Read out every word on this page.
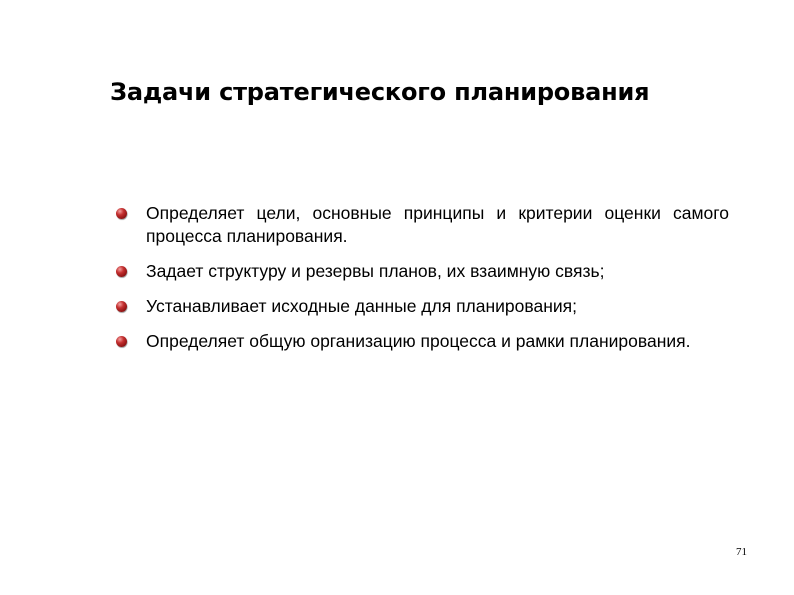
Задачи стратегического планирования
Определяет цели, основные принципы и критерии оценки самого процесса планирования.
Задает структуру и резервы планов, их взаимную связь;
Устанавливает исходные данные для планирования;
Определяет общую организацию процесса и рамки планирования.
71
